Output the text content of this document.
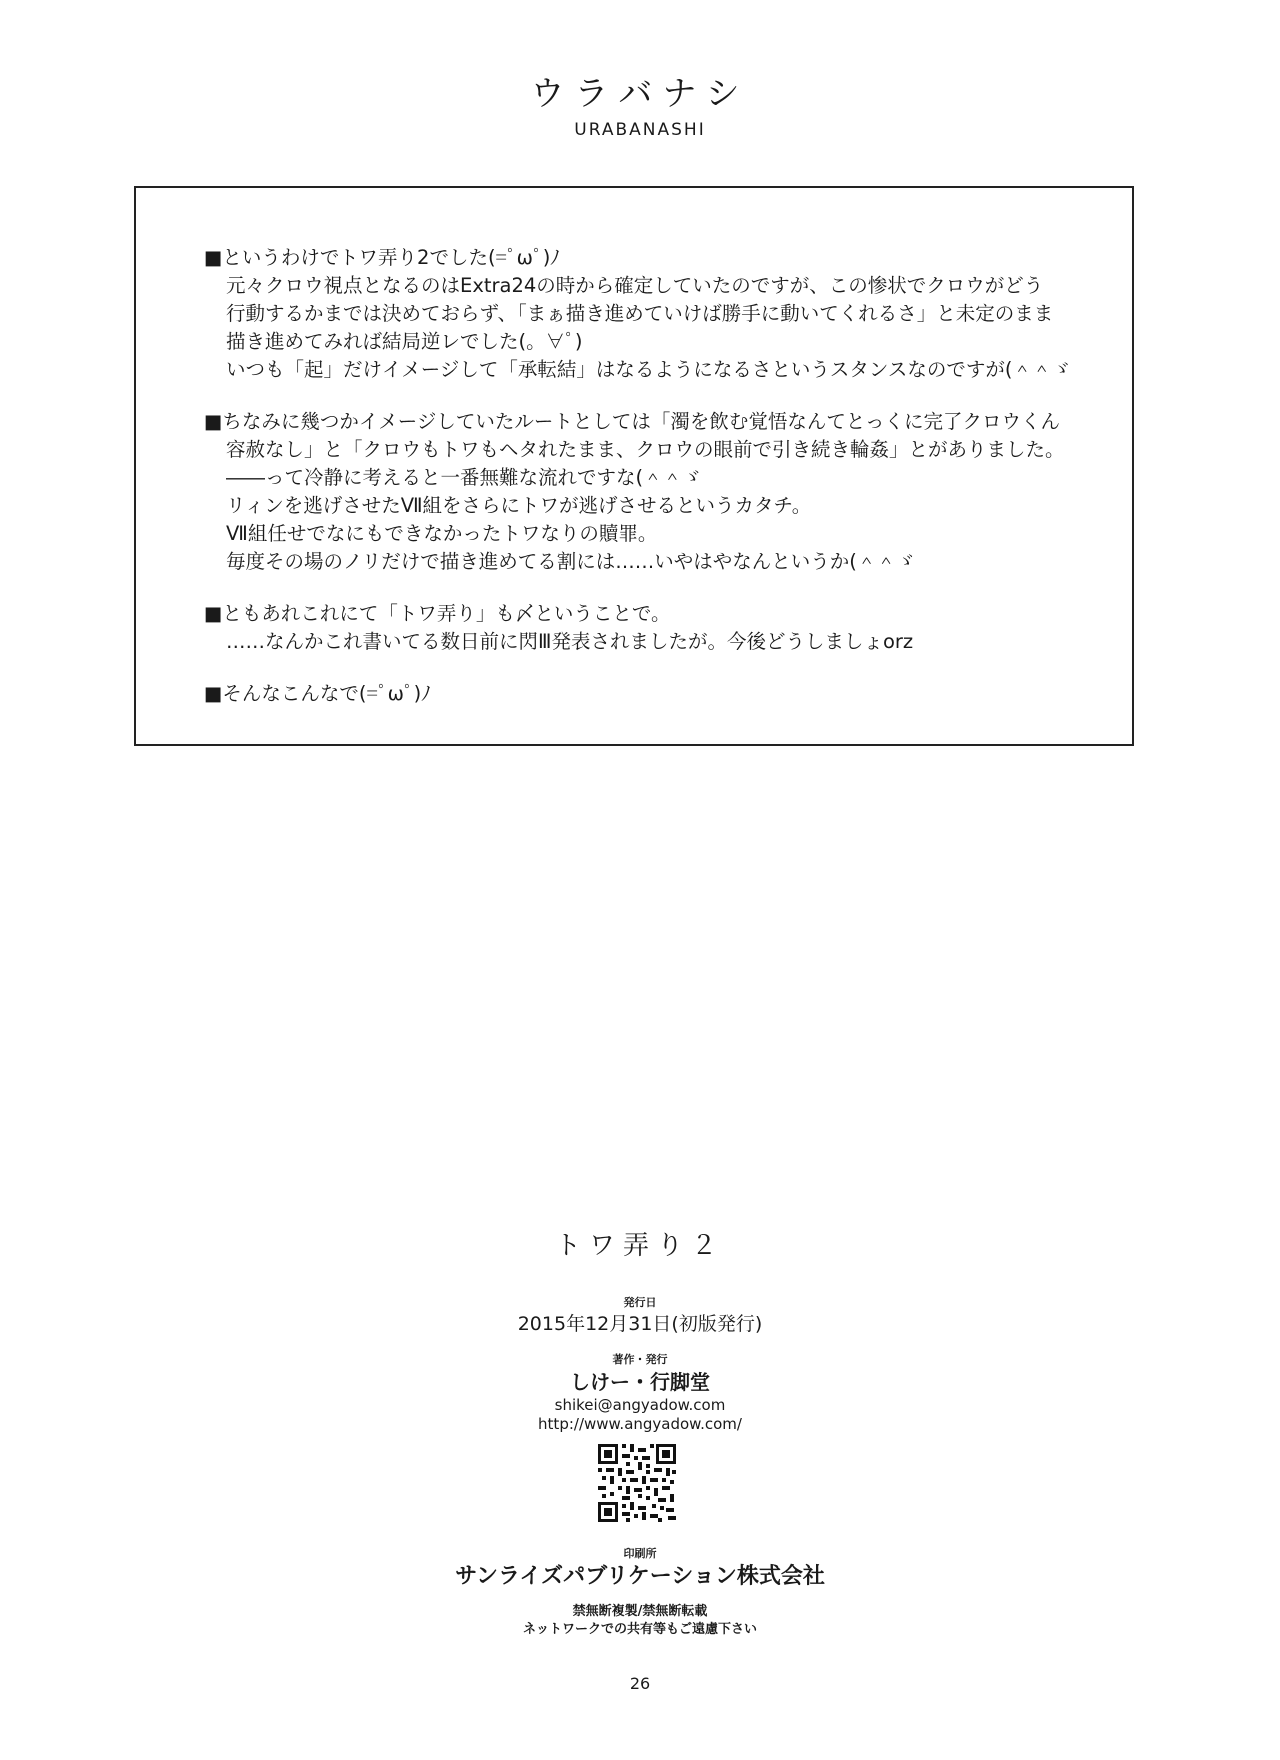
ウラバナシ
URABANASHI
■というわけでトワ弄り2でした(=ﾟωﾟ)ﾉ
元々クロウ視点となるのはExtra24の時から確定していたのですが、この惨状でクロウがどう
行動するかまでは決めておらず、「まぁ描き進めていけば勝手に動いてくれるさ」と未定のまま
描き進めてみれば結局逆レでした(。∀ﾟ)
いつも「起」だけイメージして「承転結」はなるようになるさというスタンスなのですが(＾＾ゞ
■ちなみに幾つかイメージしていたルートとしては「濁を飲む覚悟なんてとっくに完了クロウくん
容赦なし」と「クロウもトワもヘタれたまま、クロウの眼前で引き続き輪姦」とがありました。
――って冷静に考えると一番無難な流れですな(＾＾ゞ
リィンを逃げさせたⅦ組をさらにトワが逃げさせるというカタチ。
Ⅶ組任せでなにもできなかったトワなりの贖罪。
毎度その場のノリだけで描き進めてる割には……いやはやなんというか(＾＾ゞ
■ともあれこれにて「トワ弄り」も〆ということで。
……なんかこれ書いてる数日前に閃Ⅲ発表されましたが。今後どうしましょorz
■そんなこんなで(=ﾟωﾟ)ﾉ
トワ弄り２
発行日
2015年12月31日(初版発行)
著作・発行
しけー・行脚堂
shikei@angyadow.com
http://www.angyadow.com/
印刷所
サンライズパブリケーション株式会社
禁無断複製/禁無断転載
ネットワークでの共有等もご遠慮下さい
26
